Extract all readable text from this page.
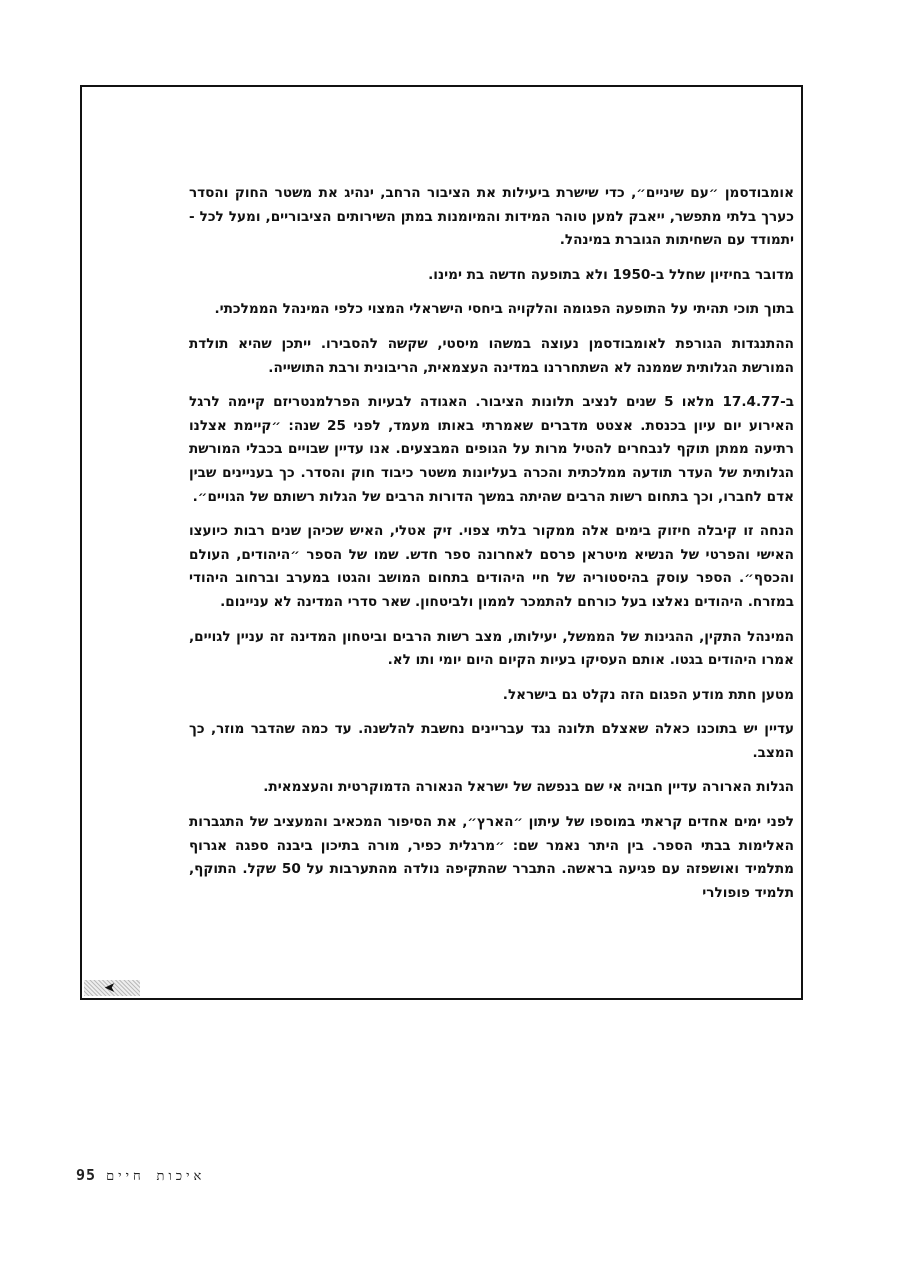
אומבודסמן ״עם שיניים״, כדי שישרת ביעילות את הציבור הרחב, ינהיג את משטר החוק והסדר כערך בלתי מתפשר, ייאבק למען טוהר המידות והמיומנות במתן השירותים הציבוריים, ומעל לכל - יתמודד עם השחיתות הגוברת במינהל.

מדובר בחיזיון שחלל ב-1950 ולא בתופעה חדשה בת ימינו.

בתוך תוכי תהיתי על התופעה הפגומה והלקויה ביחסי הישראלי המצוי כלפי המינהל הממלכתי.

ההתנגדות הגורפת לאומבודסמן נעוצה במשהו מיסטי, שקשה להסבירו. ייתכן שהיא תולדת המורשת הגלותית שממנה לא השתחררנו במדינה העצמאית, הריבונית ורבת התושייה.

ב-17.4.77 מלאו 5 שנים לנציב תלונות הציבור. האגודה לבעיות הפרלמנטריזם קיימה לרגל האירוע יום עיון בכנסת. אצטט מדברים שאמרתי באותו מעמד, לפני 25 שנה: ״קיימת אצלנו רתיעה ממתן תוקף לנבחרים להטיל מרות על הגופים המבצעים. אנו עדיין שבויים בכבלי המורשת הגלותית של העדר תודעה ממלכתית והכרה בעליונות משטר כיבוד חוק והסדר. כך בעניינים שבין אדם לחברו, וכך בתחום רשות הרבים שהיתה במשך הדורות הרבים של הגלות רשותם של הגויים״.

הנחה זו קיבלה חיזוק בימים אלה ממקור בלתי צפוי. זיק אטלי, האיש שכיהן שנים רבות כיועצו האישי והפרטי של הנשיא מיטראן פרסם לאחרונה ספר חדש. שמו של הספר ״היהודים, העולם והכסף״. הספר עוסק בהיסטוריה של חיי היהודים בתחום המושב והגטו במערב וברחוב היהודי במזרח. היהודים נאלצו בעל כורחם להתמכר לממון ולביטחון. שאר סדרי המדינה לא עניינום.

המינהל התקין, ההגינות של הממשל, יעילותו, מצב רשות הרבים וביטחון המדינה זה עניין לגויים, אמרו היהודים בגטו. אותם העסיקו בעיות הקיום היום יומי ותו לא.

מטען חתת מודע הפגום הזה נקלט גם בישראל.

עדיין יש בתוכנו כאלה שאצלם תלונה נגד עבריינים נחשבת להלשנה. עד כמה שהדבר מוזר, כך המצב.

הגלות הארורה עדיין חבויה אי שם בנפשה של ישראל הנאורה הדמוקרטית והעצמאית.

לפני ימים אחדים קראתי במוספו של עיתון ״הארץ״, את הסיפור המכאיב והמעציב של התגברות האלימות בבתי הספר. בין היתר נאמר שם: ״מרגלית כפיר, מורה בתיכון ביבנה ספגה אגרוף מתלמיד ואושפזה עם פגיעה בראשה. התברר שהתקיפה נולדה מהתערבות על 50 שקל. התוקף, תלמיד פופולרי

➤
95 איכות חיים
